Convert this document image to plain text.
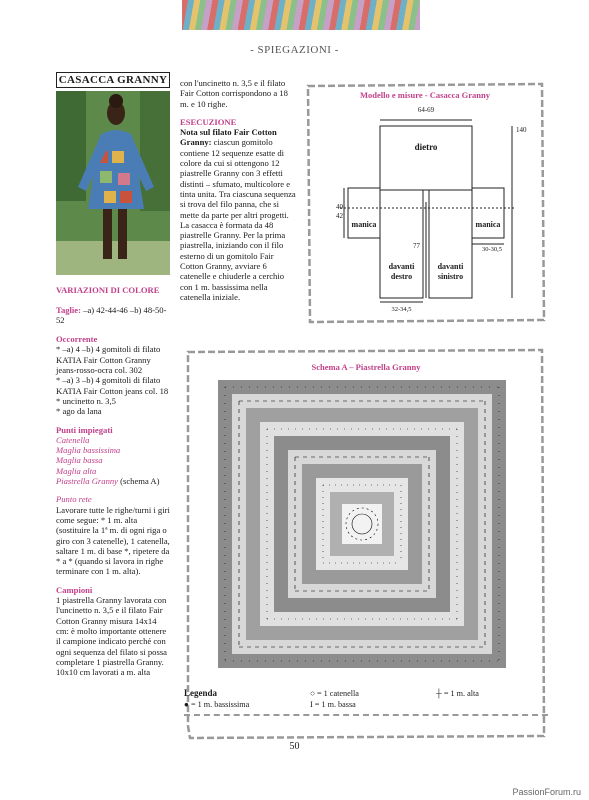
- SPIEGAZIONI -
CASACCA GRANNY
VARIAZIONI DI COLORE

Taglie: –a) 42-44-46 –b) 48-50-52

Occorrente

* –a) 4 –b) 4 gomitoli di filato KATIA Fair Cotton Granny jeans-rosso-ocra col. 302

* –a) 3 –b) 4 gomitoli di filato KATIA Fair Cotton jeans col. 18

* uncinetto n. 3,5

* ago da lana

Punti impiegati

Catenella

Maglia bassissima

Maglia bassa

Maglia alta

Piastrella Granny (schema A)

Punto rete

Lavorare tutte le righe/turni i giri come segue: * 1 m. alta (sostituire la 1ª m. di ogni riga o giro con 3 catenelle), 1 catenella, saltare 1 m. di base *, ripetere da * a * (quando si lavora in righe terminare con 1 m. alta).

Campioni

1 piastrella Granny lavorata con l'uncinetto n. 3,5 e il filato Fair Cotton Granny misura 14x14 cm: è molto importante ottenere il campione indicato perché con ogni sequenza del filato si possa completare 1 piastrella Granny. 10x10 cm lavorati a m. alta

con l'uncinetto n. 3,5 e il filato Fair Cotton corrispondono a 18 m. e 10 righe.

ESECUZIONE

Nota sul filato Fair Cotton Granny: ciascun gomitolo contiene 12 sequenze esatte di colore da cui si ottengono 12 piastrelle Granny con 3 effetti distinti – sfumato, multicolore e tinta unita. Tra ciascuna sequenza si trova del filo panna, che si mette da parte per altri progetti.

La casacca è formata da 48 piastrelle Granny. Per la prima piastrella, iniziando con il filo esterno di un gomitolo Fair Cotton Granny, avviare 6 catenelle e chiuderle a cerchio con 1 m. bassissima nella catenella iniziale.

Modello e misure - Casacca Granny
64-69
140
40
42
dietro
manica	manica
77
davanti
destro
davanti
sinistro
30-30,5
32-34,5
Schema A – Piastrella Granny
Legenda
● = 1 m. bassissima
○ = 1 catenella
I = 1 m. bassa
┼ = 1 m. alta
50
PassionForum.ru
